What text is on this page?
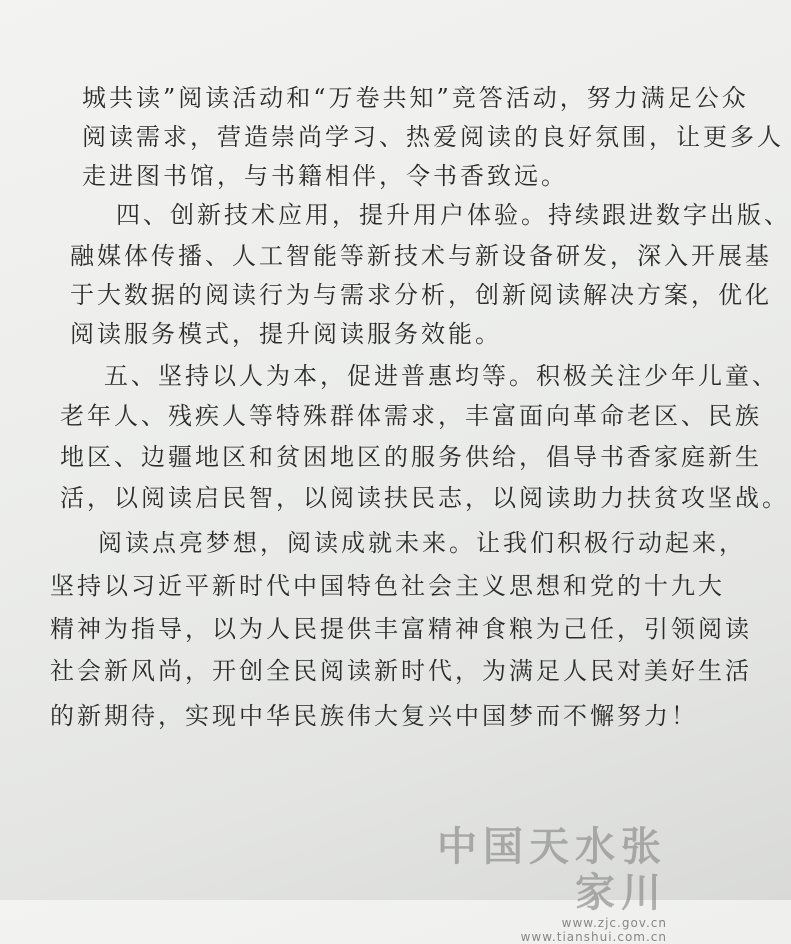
城共读”阅读活动和“万卷共知”竞答活动，努力满足公众
阅读需求，营造崇尚学习、热爱阅读的良好氛围，让更多人
走进图书馆，与书籍相伴，令书香致远。
四、创新技术应用，提升用户体验。持续跟进数字出版、
融媒体传播、人工智能等新技术与新设备研发，深入开展基
于大数据的阅读行为与需求分析，创新阅读解决方案，优化
阅读服务模式，提升阅读服务效能。
五、坚持以人为本，促进普惠均等。积极关注少年儿童、
老年人、残疾人等特殊群体需求，丰富面向革命老区、民族
地区、边疆地区和贫困地区的服务供给，倡导书香家庭新生
活，以阅读启民智，以阅读扶民志，以阅读助力扶贫攻坚战。
阅读点亮梦想，阅读成就未来。让我们积极行动起来，
坚持以习近平新时代中国特色社会主义思想和党的十九大
精神为指导，以为人民提供丰富精神食粮为己任，引领阅读
社会新风尚，开创全民阅读新时代，为满足人民对美好生活
的新期待，实现中华民族伟大复兴中国梦而不懈努力！
中国天水张家川
www.zjc.gov.cn www.tianshui.com.cn
